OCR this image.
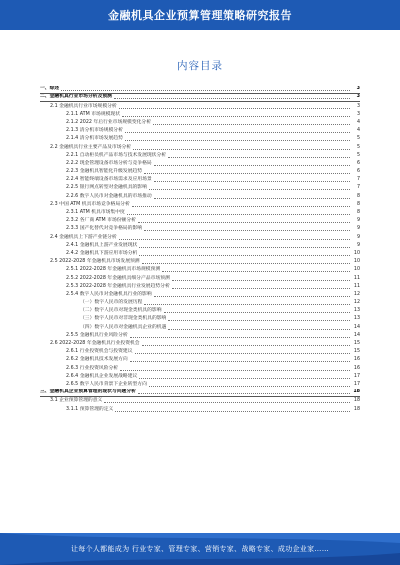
金融机具企业预算管理策略研究报告
内容目录
一、综述	3
二、金融机具行业市场分析及预测	3
2.1 金融机具行业市场规模分析	3
2.1.1 ATM 市场规模现状	3
2.1.2 2022 年后行业市场规模变化分析	4
2.1.3 清分机市场规模分析	4
2.1.4 清分机市场发展趋势	5
2.2 金融机具行业主要产品及市场分析	5
2.2.1 自动柜员机产品市场与技术发展现状分析	5
2.2.2 现金管理设备市场分析与竞争格局	6
2.2.3 金融机具智能化升级发展趋势	6
2.2.4 智能终端设备市场需求及应用场景	7
2.2.5 银行网点转型对金融机具的影响	7
2.2.6 数字人民币对金融机具的市场推动	8
2.3 中国 ATM 机具市场竞争格局分析	8
2.3.1 ATM 机具市场集中度	8
2.3.2 各厂商 ATM 市场份额分析	9
2.3.3 国产化替代对竞争格局的影响	9
2.4 金融机具上下游产业链分析	9
2.4.1 金融机具上游产业发展现状	9
2.4.2 金融机具下游应用市场分析	10
2.5 2022-2028 年金融机具市场发展预测	10
2.5.1 2022-2028 年金融机具市场规模预测	10
2.5.2 2022-2028 年金融机具细分产品市场预测	11
2.5.3 2022-2028 年金融机具行业发展趋势分析	11
2.5.4 数字人民币对金融机具行业的影响	12
（一）数字人民币的发展历程	12
（二）数字人民币对现金类机具的影响	13
（三）数字人民币对非现金类机具的影响	13
（四）数字人民币对金融机具企业的机遇	14
2.5.5 金融机具行业风险分析	14
2.6 2022-2028 年金融机具行业投资机会	15
2.6.1 行业投资机会与投资建议	15
2.6.2 金融机具技术发展方向	16
2.6.3 行业投资风险分析	16
2.6.4 金融机具企业发展战略建议	17
2.6.5 数字人民币背景下企业转型方向	17
三、金融机具企业预算管理的现状与问题分析	18
3.1 企业预算管理的意义	18
3.1.1 预算管理的定义	18
让每个人都能成为 行业专家、管理专家、营销专家、战略专家、成功企业家……
